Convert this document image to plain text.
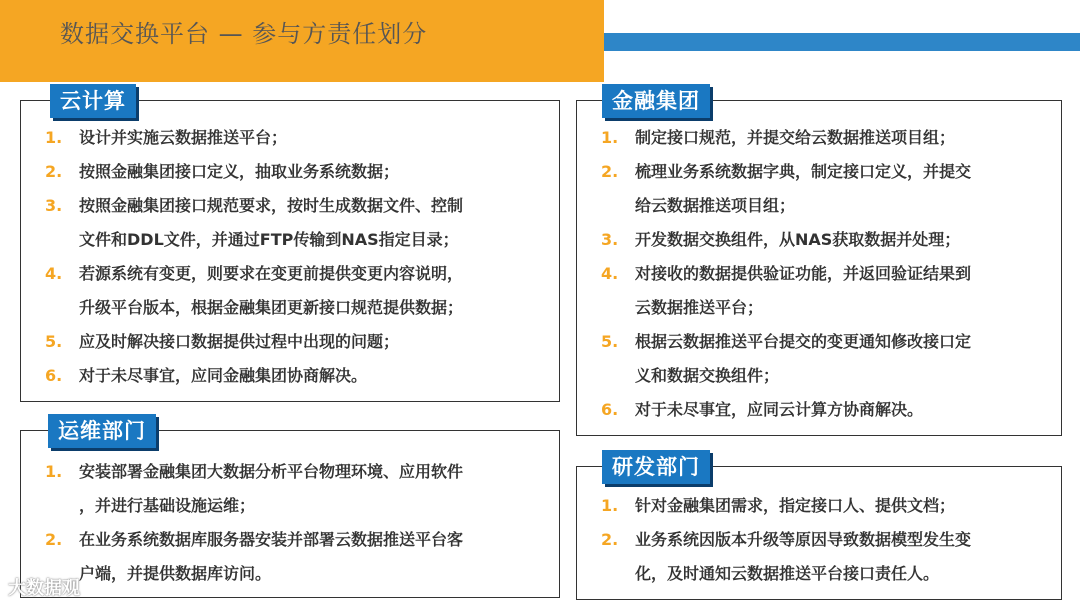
数据交换平台 — 参与方责任划分
1.	设计并实施云数据推送平台；
2.	按照金融集团接口定义，抽取业务系统数据；
3.	按照金融集团接口规范要求，按时生成数据文件、控制
文件和DDL文件，并通过FTP传输到NAS指定目录；
4.	若源系统有变更，则要求在变更前提供变更内容说明，
升级平台版本，根据金融集团更新接口规范提供数据；
5.	应及时解决接口数据提供过程中出现的问题；
6.	对于未尽事宜，应同金融集团协商解决。
云计算
1.	制定接口规范，并提交给云数据推送项目组；
2.	梳理业务系统数据字典，制定接口定义，并提交
给云数据推送项目组；
3.	开发数据交换组件，从NAS获取数据并处理；
4.	对接收的数据提供验证功能，并返回验证结果到
云数据推送平台；
5.	根据云数据推送平台提交的变更通知修改接口定
义和数据交换组件；
6.	对于未尽事宜，应同云计算方协商解决。
金融集团
1.	安装部署金融集团大数据分析平台物理环境、应用软件
，并进行基础设施运维；
2.	在业务系统数据库服务器安装并部署云数据推送平台客
户端，并提供数据库访问。
运维部门
1.	针对金融集团需求，指定接口人、提供文档；
2.	业务系统因版本升级等原因导致数据模型发生变
化，及时通知云数据推送平台接口责任人。
研发部门
大数据观
